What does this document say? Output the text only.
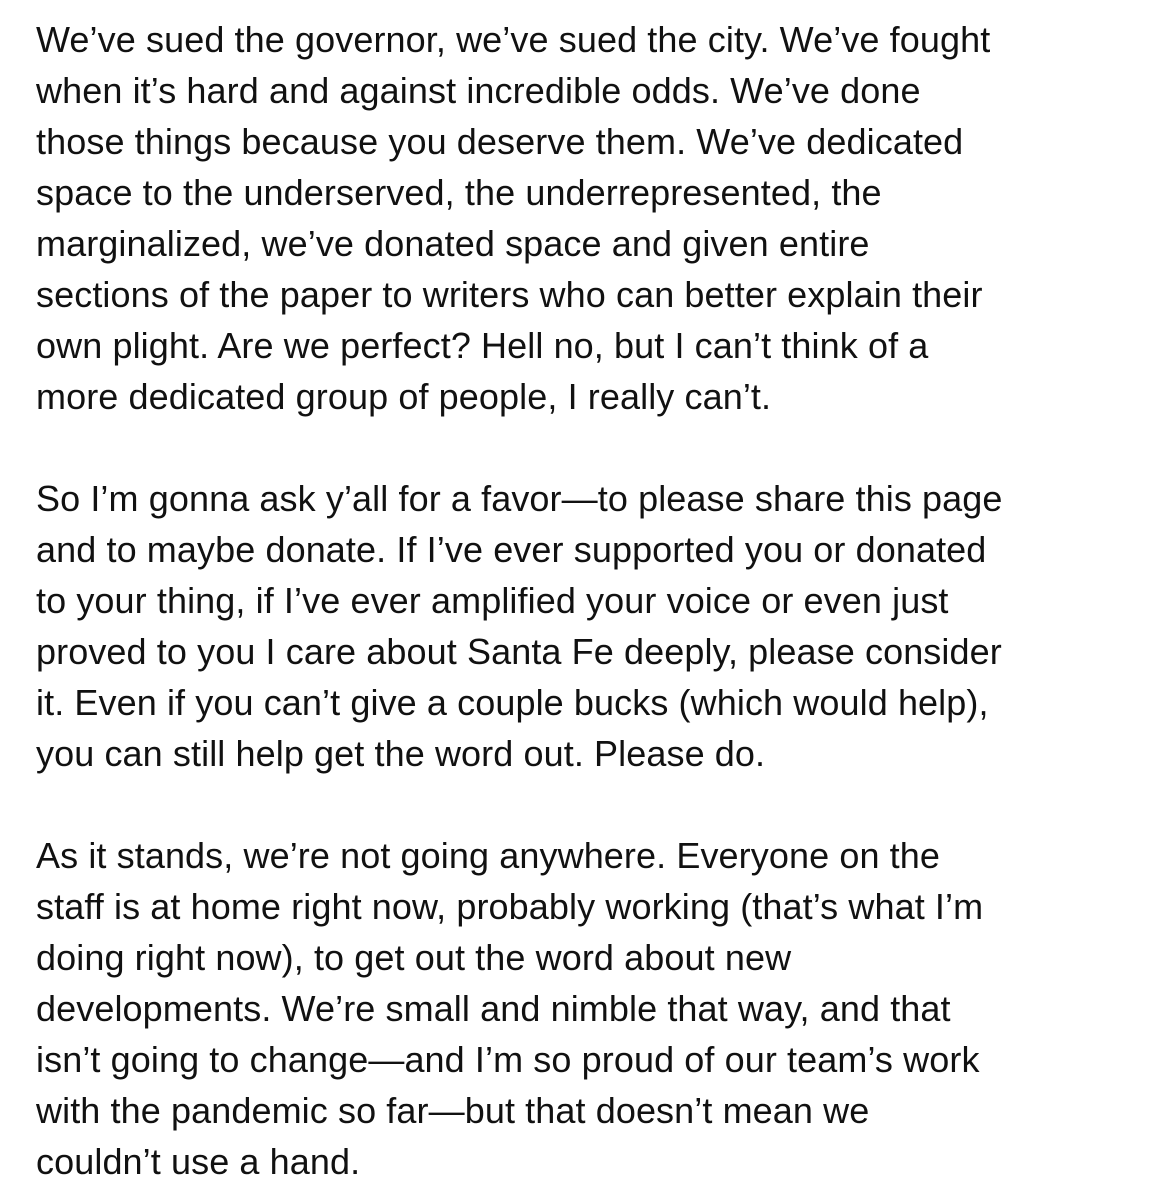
We’ve sued the governor, we’ve sued the city. We’ve fought
when it’s hard and against incredible odds. We’ve done
those things because you deserve them. We’ve dedicated
space to the underserved, the underrepresented, the
marginalized, we’ve donated space and given entire
sections of the paper to writers who can better explain their
own plight. Are we perfect? Hell no, but I can’t think of a
more dedicated group of people, I really can’t.
So I’m gonna ask y’all for a favor—to please share this page
and to maybe donate. If I’ve ever supported you or donated
to your thing, if I’ve ever amplified your voice or even just
proved to you I care about Santa Fe deeply, please consider
it. Even if you can’t give a couple bucks (which would help),
you can still help get the word out. Please do.
As it stands, we’re not going anywhere. Everyone on the
staff is at home right now, probably working (that’s what I’m
doing right now), to get out the word about new
developments. We’re small and nimble that way, and that
isn’t going to change—and I’m so proud of our team’s work
with the pandemic so far—but that doesn’t mean we
couldn’t use a hand.
